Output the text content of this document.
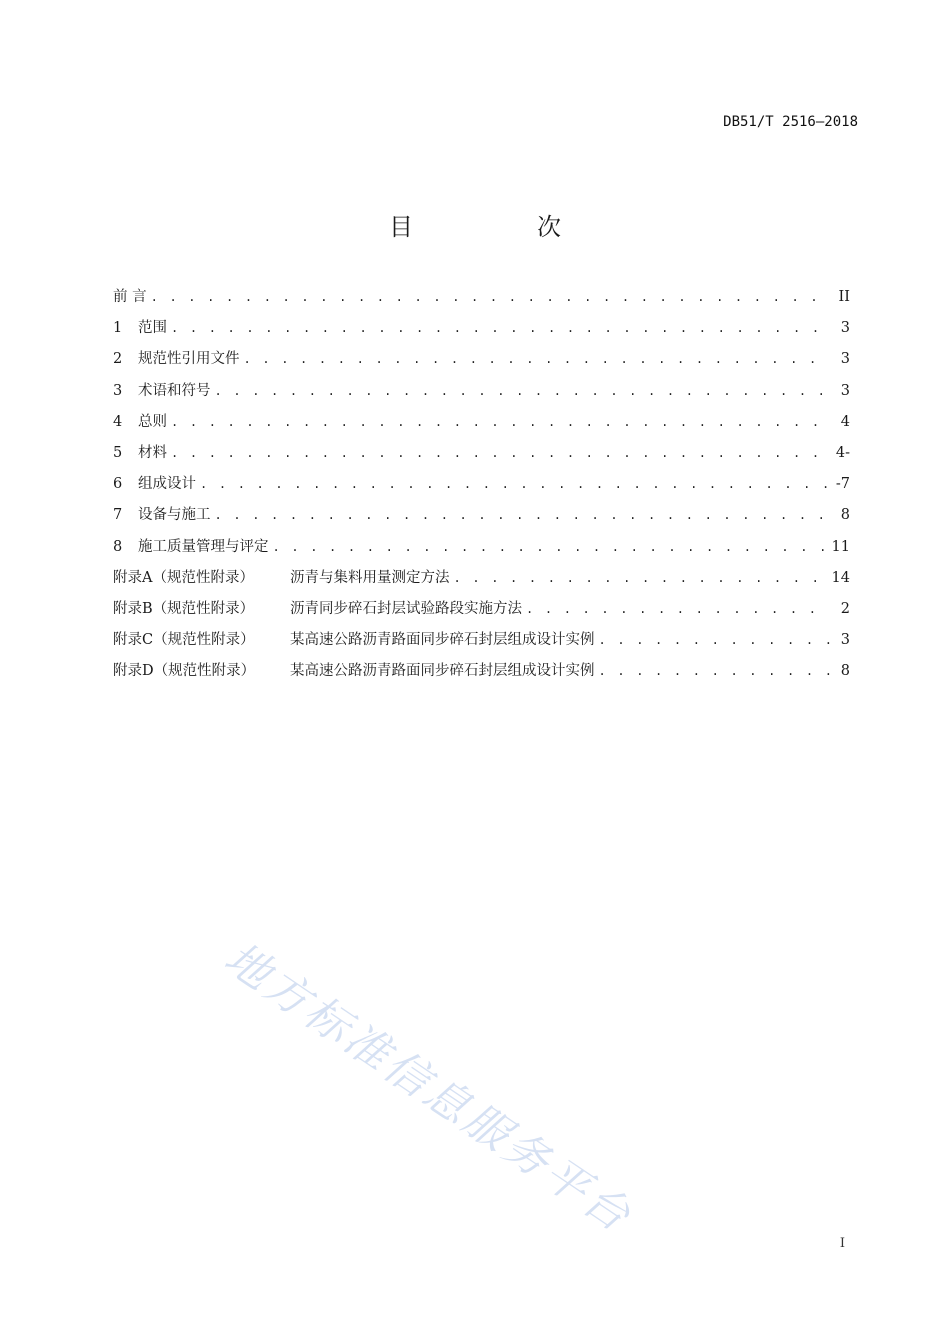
DB51/T 2516—2018
目　次
前 言 . . .	II
1	范围 . . .	3
2	规范性引用文件 . . .	3
3	术语和符号 . . .	3
4	总则 . . .	4
5	材料 . . .	4-
6	组成设计 . . .	-7
7	设备与施工 . . .	8
8	施工质量管理与评定 . . .	11
附录A（规范性附录）	沥青与集料用量测定方法 . . .	14
附录B（规范性附录）	沥青同步碎石封层试验路段实施方法 . . .	2
附录C（规范性附录）	某高速公路沥青路面同步碎石封层组成设计实例 . . .	3
附录D（规范性附录）	某高速公路沥青路面同步碎石封层组成设计实例 . . .	8
地方标准信息服务平台
I
